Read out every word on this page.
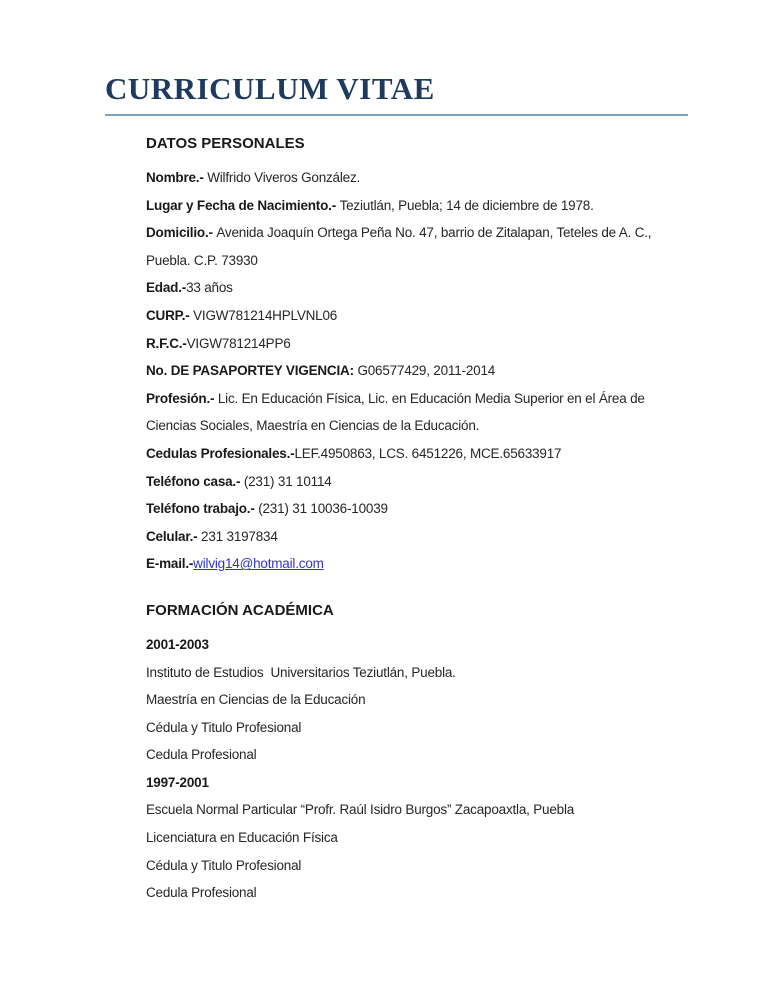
CURRICULUM VITAE
DATOS PERSONALES
Nombre.- Wilfrido Viveros González.
Lugar y Fecha de Nacimiento.- Teziutlán, Puebla; 14 de diciembre de 1978.
Domicilio.- Avenida Joaquín Ortega Peña No. 47, barrio de Zitalapan, Teteles de A. C.,
Puebla. C.P. 73930
Edad.-33 años
CURP.- VIGW781214HPLVNL06
R.F.C.-VIGW781214PP6
No. DE PASAPORTEY VIGENCIA: G06577429, 2011-2014
Profesión.- Lic. En Educación Física, Lic. en Educación Media Superior en el Área de
Ciencias Sociales, Maestría en Ciencias de la Educación.
Cedulas Profesionales.-LEF.4950863, LCS. 6451226, MCE.65633917
Teléfono casa.- (231) 31 10114
Teléfono trabajo.- (231) 31 10036-10039
Celular.- 231 3197834
E-mail.-wilvig14@hotmail.com
FORMACIÓN ACADÉMICA
2001-2003
Instituto de Estudios  Universitarios Teziutlán, Puebla.
Maestría en Ciencias de la Educación
Cédula y Titulo Profesional
Cedula Profesional
1997-2001
Escuela Normal Particular “Profr. Raúl Isidro Burgos” Zacapoaxtla, Puebla
Licenciatura en Educación Física
Cédula y Titulo Profesional
Cedula Profesional
